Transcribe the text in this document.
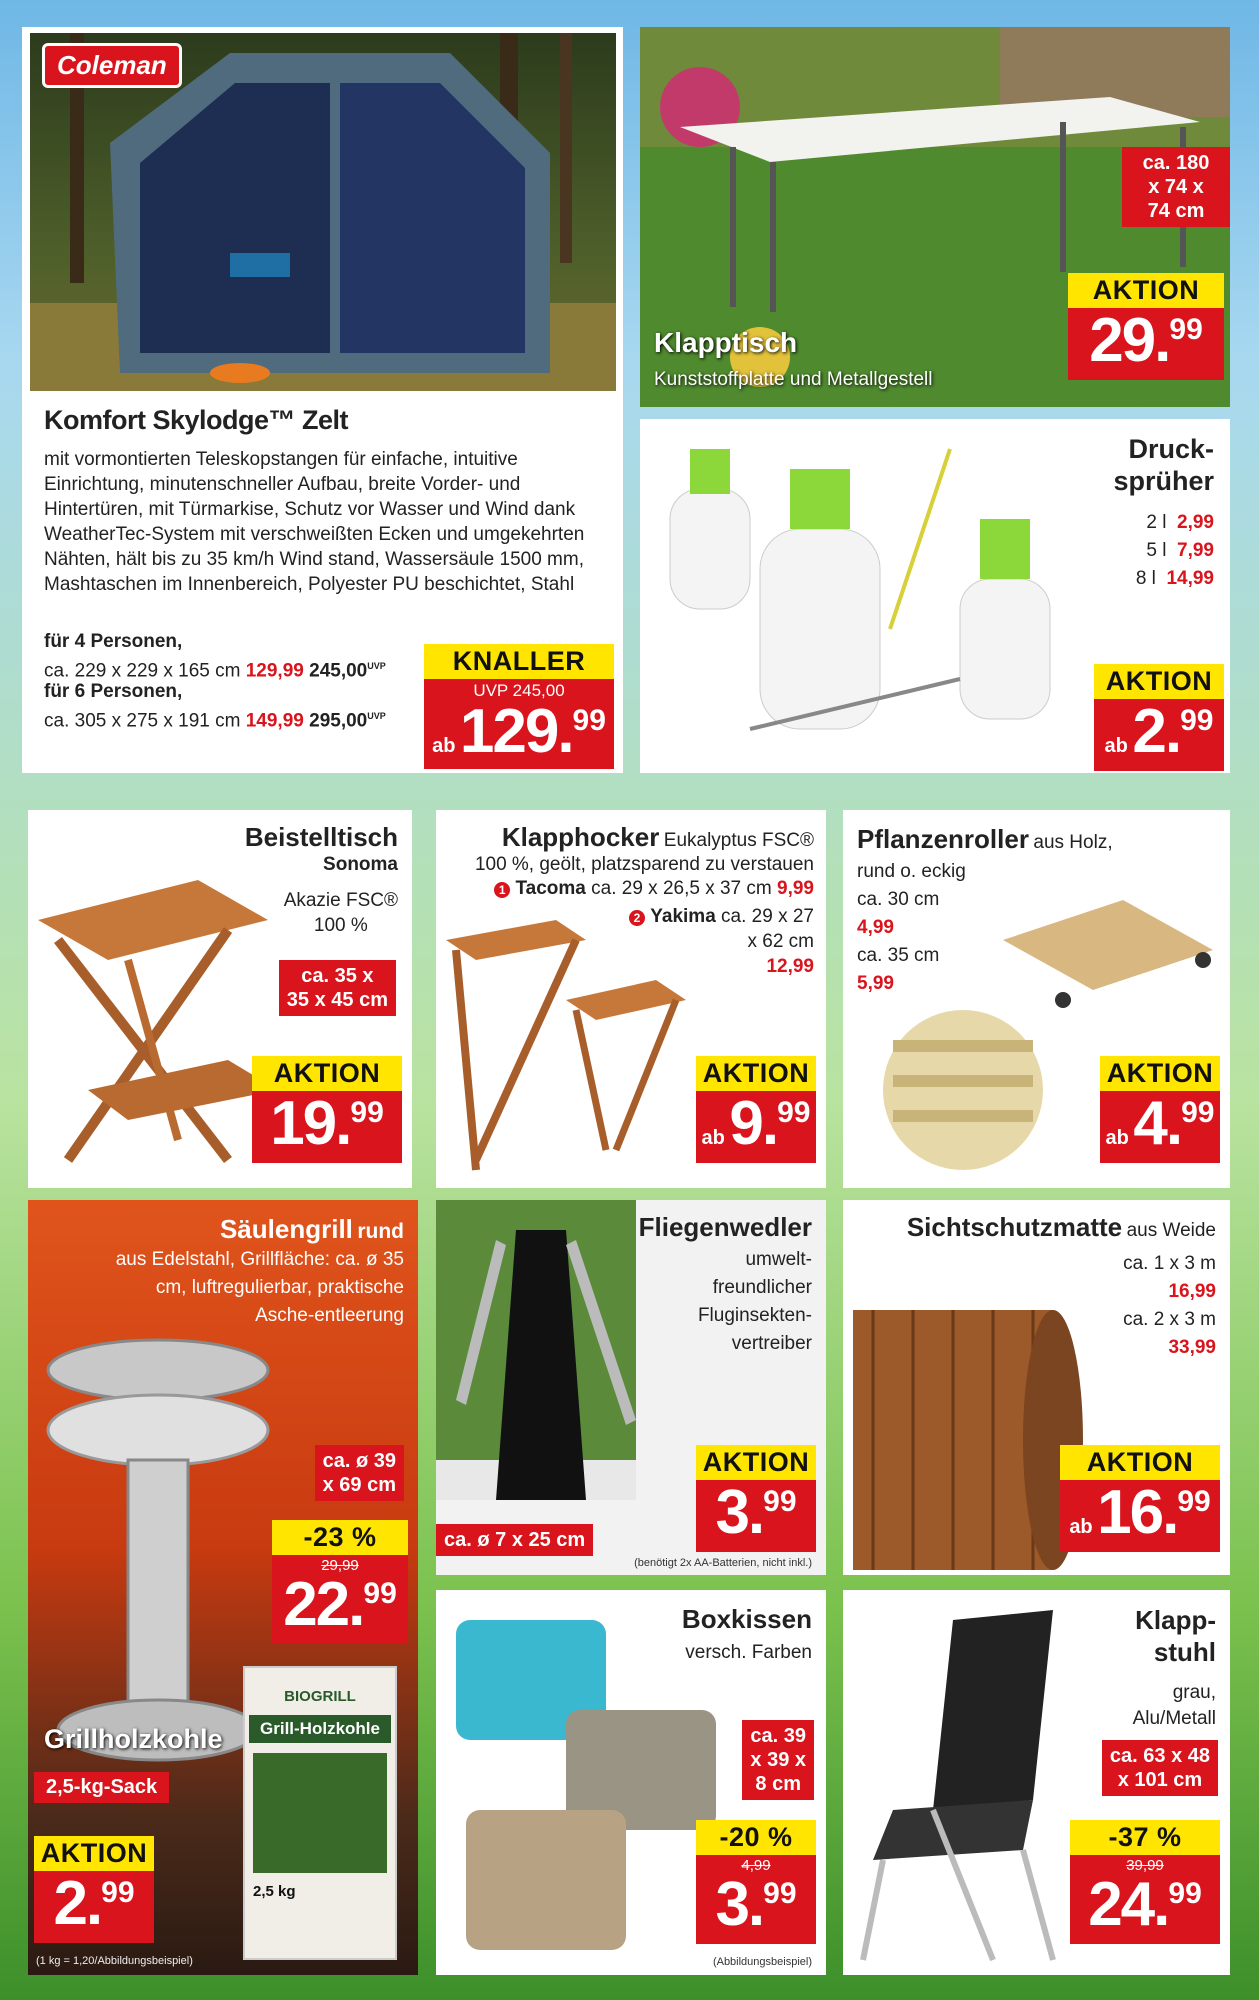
Coleman
Komfort Skylodge™ Zelt
mit vormontierten Teleskopstangen für einfache, intuitive Einrichtung, minutenschneller Aufbau, breite Vorder- und Hintertüren, mit Türmarkise, Schutz vor Wasser und Wind dank WeatherTec-System mit verschweißten Ecken und umgekehrten Nähten, hält bis zu 35 km/h Wind stand, Wassersäule 1500 mm, Mashtaschen im Innenbereich, Polyester PU beschichtet, Stahl
für 4 Personen,
ca. 229 x 229 x 165 cm 129,99 $245,00^{UVP}$
für 6 Personen,
ca. 305 x 275 x 191 cm 149,99 $295,00^{UVP}$
KNALLER
UVP 245,00
ab 129.99
ca. 180
x 74 x
74 cm
Klapptisch
Kunststoffplatte und Metallgestell
AKTION
29.99
Druck-
sprüher
2 l 2,99
5 l 7,99
8 l 14,99
AKTION
ab 2.99
Beistelltisch
Sonoma
Akazie FSC®
100 %
ca. 35 x
35 x 45 cm
AKTION
19.99
Klapphocker Eukalyptus FSC®
100 %, geölt, platzsparend zu verstauen
1 Tacoma ca. 29 x 26,5 x 37 cm 9,99
2 Yakima ca. 29 x 27
x 62 cm
12,99
AKTION
ab 9.99
Pflanzenroller aus Holz,
rund o. eckig
ca. 30 cm
4,99
ca. 35 cm
5,99
AKTION
ab 4.99
Säulengrill rund
aus Edelstahl, Grillfläche: ca. ø 35 cm, luftregulierbar, praktische Asche-entleerung
ca. ø 39
x 69 cm
-23 %
29,99
22.99
BIOGRILL
Grill-Holzkohle
2,5 kg
Grillholzkohle
2,5-kg-Sack
AKTION
2.99
(1 kg = 1,20/Abbildungsbeispiel)
Fliegenwedler
umwelt-
freundlicher
Fluginsekten-
vertreiber
ca. ø 7 x 25 cm
AKTION
3.99
(benötigt 2x AA-Batterien, nicht inkl.)
Sichtschutzmatte aus Weide
ca. 1 x 3 m
16,99
ca. 2 x 3 m
33,99
AKTION
ab 16.99
Boxkissen
versch. Farben
ca. 39
x 39 x
8 cm
-20 %
4,99
3.99
(Abbildungsbeispiel)
Klapp-
stuhl
grau,
Alu/Metall
ca. 63 x 48
x 101 cm
-37 %
39,99
24.99
